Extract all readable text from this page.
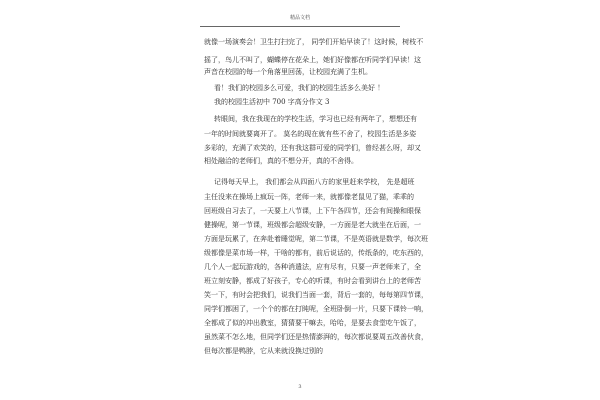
精品文档
就像一场演奏会！卫生打扫完了， 同学们开始早读了！这时候，树枝不
摇了，鸟儿不叫了，蝴蝶停在花朵上，她们好像都在听同学们早读！这
声音在校园的每一个角落里回荡，让校园充满了生机。
看！我们的校园多么可爱，我们的校园生活多么美好 ！
我的校园生活初中 700 字高分作文 3
转眼间，我在我现在的学校生活，学习也已经有两年了，想想还有
一年的时间就要离开了。 莫名的现在就有些不舍了，校园生活是多姿
多彩的，充满了欢笑的，还有我这群可爱的同学们，曾经甚么呀，却又
相处融洽的老师们，真的不想分开，真的不舍得。
记得每天早上， 我们都会从四面八方的家里赶来学校， 先是超班
主任没来在操场上疯玩一阵，老师一来，就都像老鼠见了猫，乖乖的
回班级自习去了，一天要上八节课，上下午各四节，还会有间操和眼保
健操呢，第一节课，班级都会超级安静，一方面是老大就坐在后面，一
方面是玩累了，在奔赴着睡觉呢，第二节课，不是英语就是数学，每次班
级都像是菜市场一样，干啥的都有，前后说话的，传纸条的，吃东西的，
几个人一起玩游戏的，各种消遣法，应有尽有，只要一声老师来了，全
班立刻安静，都成了好孩子，专心的听课，有时会看到讲台上的老师苦
笑一下，有时会把我们，说我们当面一套，背后一套的，每每第四节课，
同学们都困了，一个个的都在打盹呢，全班卧倒一片，只要下课铃一响，
全都成了似的冲出教室，猜猜要干嘛去，哈哈，是要去食堂吃午饭了，
虽然菜不怎么地，但同学们还是热情澎湃的，每次都说要周五改善伙食，
但每次都是鸭脖，它从来就没换过别的
3
